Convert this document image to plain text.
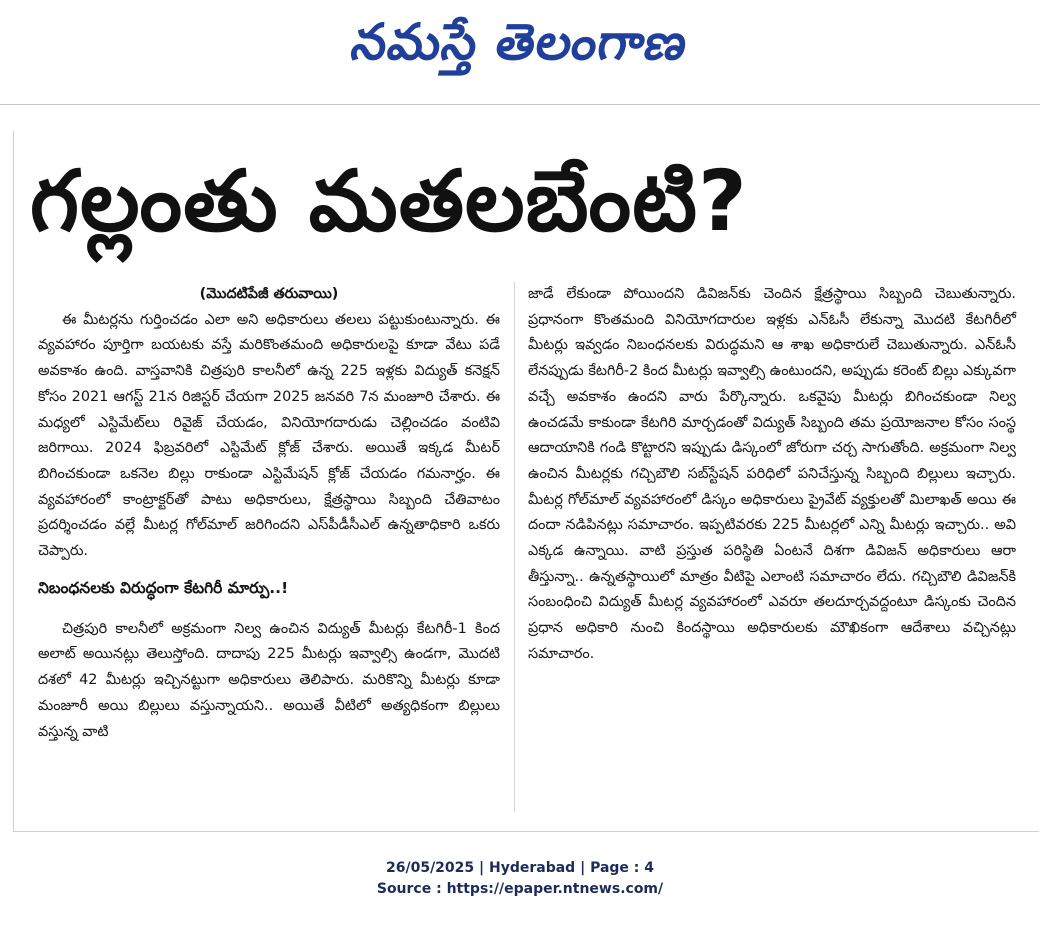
నమస్తే తెలంగాణ
గల్లంతు మతలబేంటి?

(మొదటిపేజీ తరువాయి)

ఈ మీటర్లను గుర్తించడం ఎలా అని అధికారులు తలలు పట్టుకుంటున్నారు. ఈ వ్యవహారం పూర్తిగా బయటకు వస్తే మరికొంతమంది అధికారులపై కూడా వేటు పడే అవకాశం ఉంది. వాస్తవానికి చిత్రపురి కాలనీలో ఉన్న 225 ఇళ్లకు విద్యుత్ కనెక్షన్ కోసం 2021 ఆగస్ట్ 21న రిజిస్టర్ చేయగా 2025 జనవరి 7న మంజూరి చేశారు. ఈ మధ్యలో ఎస్టిమేట్‌లు రివైజ్ చేయడం, వినియోగదారుడు చెల్లించడం వంటివి జరిగాయి. 2024 ఫిబ్రవరిలో ఎస్టిమేట్ క్లోజ్ చేశారు. అయితే ఇక్కడ మీటర్ బిగించకుండా ఒకనెల బిల్లు రాకుండా ఎస్టిమేషన్ క్లోజ్ చేయడం గమనార్హం. ఈ వ్యవహారంలో కాంట్రాక్టర్‌తో పాటు అధికారులు, క్షేత్రస్థాయి సిబ్బంది చేతివాటం ప్రదర్శించడం వల్లే మీటర్ల గోల్‌మాల్ జరిగిందని ఎస్‌పీడీసీఎల్ ఉన్నతాధికారి ఒకరు చెప్పారు.

నిబంధనలకు విరుద్ధంగా కేటగిరీ మార్పు..!

చిత్రపురి కాలనీలో అక్రమంగా నిల్వ ఉంచిన విద్యుత్ మీటర్లు కేటగిరీ-1 కింద అలాట్ అయినట్లు తెలుస్తోంది. దాదాపు 225 మీటర్లు ఇవ్వాల్సి ఉండగా, మొదటి దశలో 42 మీటర్లు ఇచ్చినట్టుగా అధికారులు తెలిపారు. మరికొన్ని మీటర్లు కూడా మంజూరీ అయి బిల్లులు వస్తున్నాయని.. అయితే వీటిలో అత్యధికంగా బిల్లులు వస్తున్న వాటి

జాడే లేకుండా పోయిందని డివిజన్‌కు చెందిన క్షేత్రస్థాయి సిబ్బంది చెబుతున్నారు. ప్రధానంగా కొంతమంది వినియోగదారుల ఇళ్లకు ఎన్‌ఓసీ లేకున్నా మొదటి కేటగిరీలో మీటర్లు ఇవ్వడం నిబంధనలకు విరుద్ధమని ఆ శాఖ అధికారులే చెబుతున్నారు. ఎన్‌ఓసీ లేనప్పుడు కేటగిరీ-2 కింద మీటర్లు ఇవ్వాల్సి ఉంటుందని, అప్పుడు కరెంట్ బిల్లు ఎక్కువగా వచ్చే అవకాశం ఉందని వారు పేర్కొన్నారు. ఒకవైపు మీటర్లు బిగించకుండా నిల్వ ఉంచడమే కాకుండా కేటగిరి మార్చడంతో విద్యుత్ సిబ్బంది తమ ప్రయోజనాల కోసం సంస్థ ఆదాయానికి గండి కొట్టారని ఇప్పుడు డిస్కంలో జోరుగా చర్చ సాగుతోంది. అక్రమంగా నిల్వ ఉంచిన మీటర్లకు గచ్చిబౌలి సబ్‌స్టేషన్ పరిధిలో పనిచేస్తున్న సిబ్బంది బిల్లులు ఇచ్చారు. మీటర్ల గోల్‌మాల్ వ్యవహారంలో డిస్కం అధికారులు ప్రైవేట్ వ్యక్తులతో మిలాఖత్ అయి ఈ దందా నడిపినట్లు సమాచారం. ఇప్పటివరకు 225 మీటర్లలో ఎన్ని మీటర్లు ఇచ్చారు.. అవి ఎక్కడ ఉన్నాయి. వాటి ప్రస్తుత పరిస్థితి ఏంటనే దిశగా డివిజన్ అధికారులు ఆరా తీస్తున్నా.. ఉన్నతస్థాయిలో మాత్రం వీటిపై ఎలాంటి సమాచారం లేదు. గచ్చిబౌలి డివిజన్‌కి సంబంధించి విద్యుత్ మీటర్ల వ్యవహారంలో ఎవరూ తలదూర్చవద్దంటూ డిస్కంకు చెందిన ప్రధాన అధికారి నుంచి కిందస్థాయి అధికారులకు మౌఖికంగా ఆదేశాలు వచ్చినట్లు సమాచారం.

26/05/2025 | Hyderabad | Page : 4
Source : https://epaper.ntnews.com/
